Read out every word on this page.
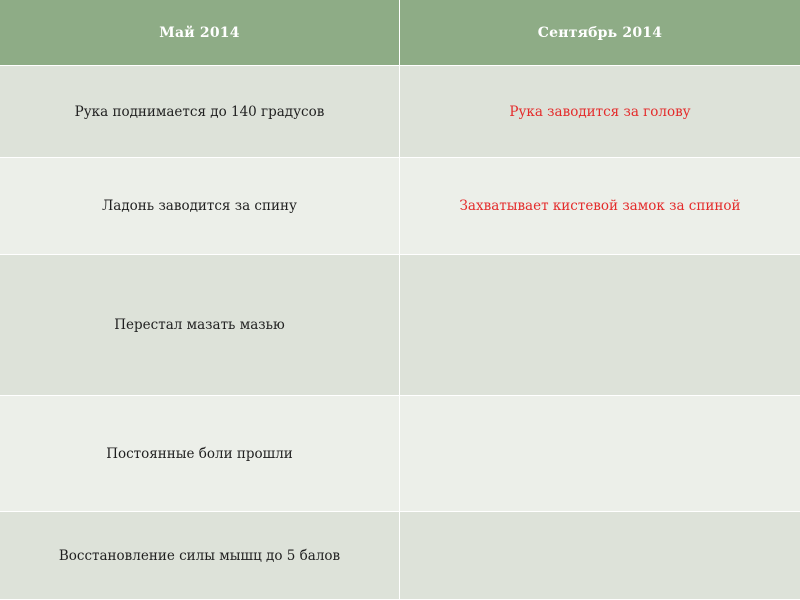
Май 2014	Сентябрь 2014
Рука поднимается до 140 градусов	Рука заводится за голову
Ладонь заводится за спину	Захватывает кистевой замок за спиной
Перестал мазать мазью
Постоянные боли прошли
Восстановление силы мышц до 5 балов
